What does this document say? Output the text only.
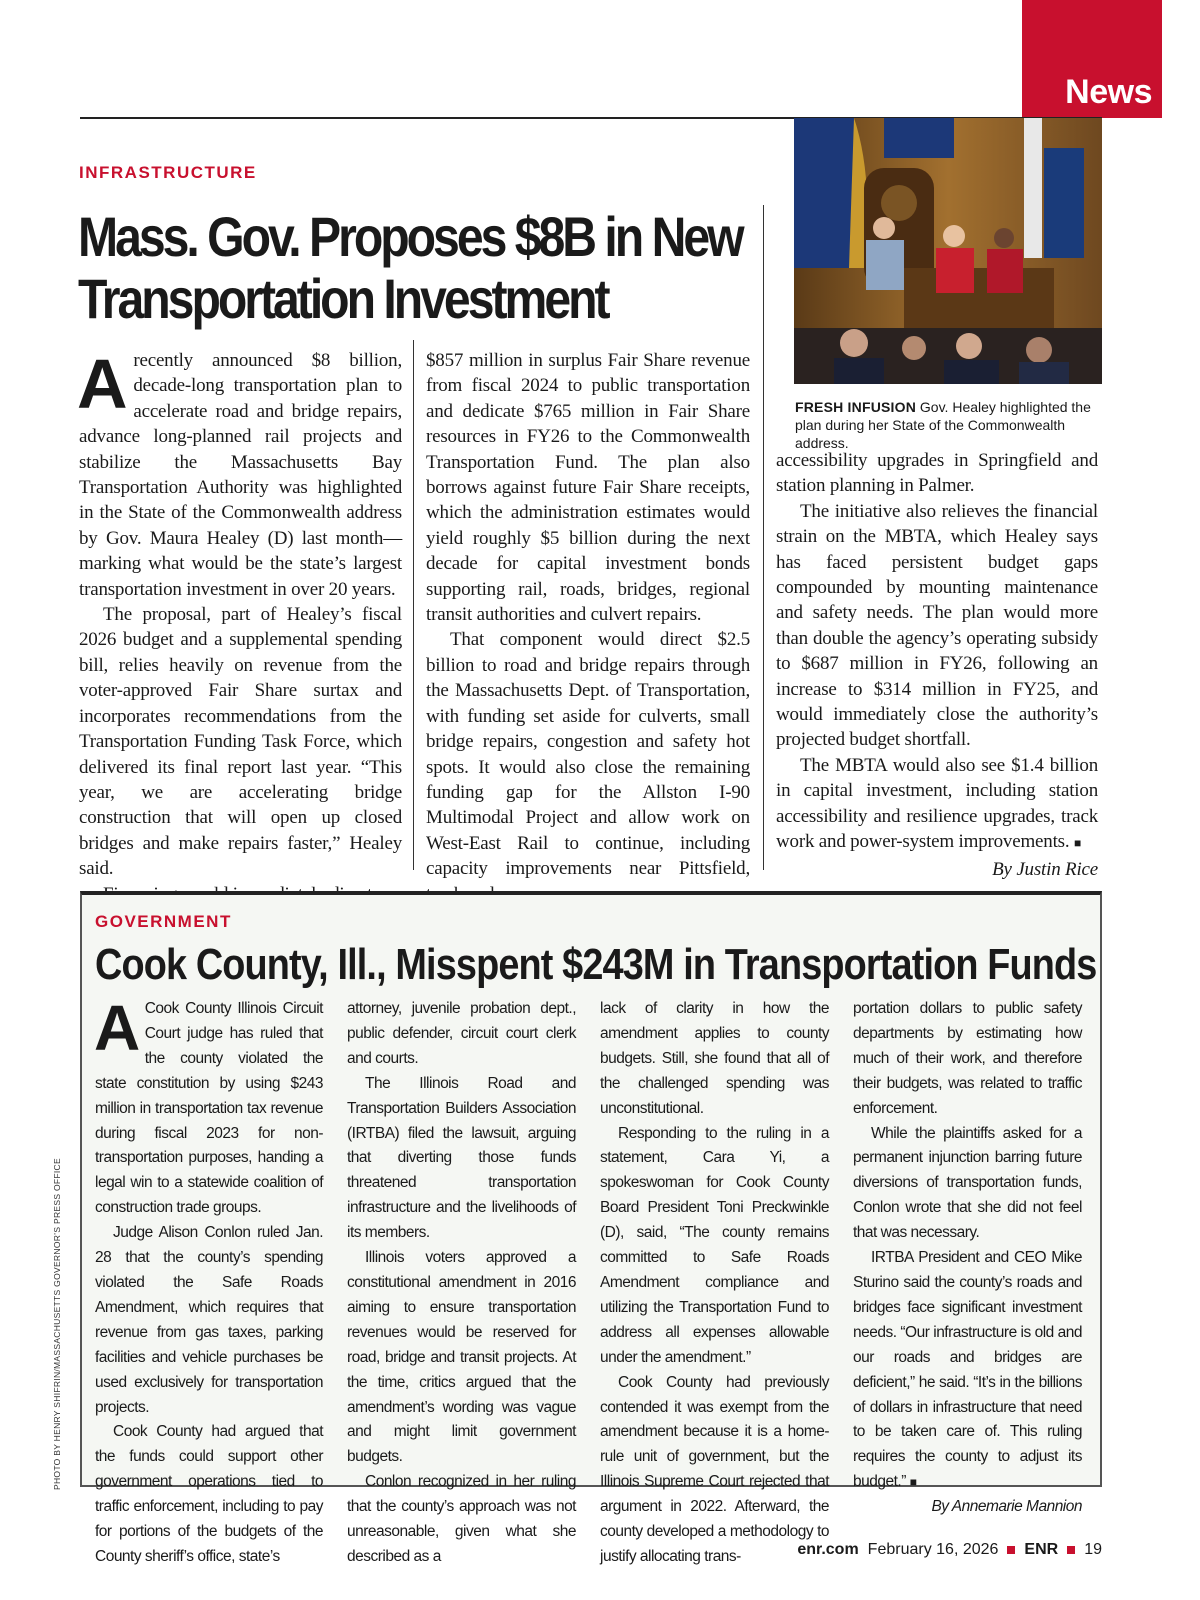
News
INFRASTRUCTURE
Mass. Gov. Proposes $8B in New
Transportation Investment

Arecently announced $8 billion, decade-long transportation plan to accelerate road and bridge repairs, advance long-planned rail projects and stabilize the Massachusetts Bay Transportation Authority was highlighted in the State of the Commonwealth address by Gov. Maura Healey (D) last month—marking what would be the state’s largest transportation investment in over 20 years.

The proposal, part of Healey’s fiscal 2026 budget and a supplemental spending bill, relies heavily on revenue from the voter-approved Fair Share surtax and incorporates recommendations from the Transportation Funding Task Force, which delivered its final report last year. “This year, we are accelerating bridge construction that will open up closed bridges and make repairs faster,” Healey said.

$857 million in surplus Fair Share revenue from fiscal 2024 to public transportation and dedicate $765 million in Fair Share resources in FY26 to the Commonwealth Transportation Fund. The plan also borrows against future Fair Share receipts, which the administration estimates would yield roughly $5 billion during the next decade for capital investment bonds supporting rail, roads, bridges, regional transit authorities and culvert repairs.

That component would direct $2.5 billion to road and bridge repairs through the Massachusetts Dept. of Transportation, with funding set aside for culverts, small bridge repairs, congestion and safety hot spots. It would also close the remaining funding gap for the Allston I-90 Multimodal Project and allow work on West-East Rail to continue, including capacity improvements near Pittsfield,

FRESH INFUSION Gov. Healey highlighted the plan during her State of the Commonwealth address.

accessibility upgrades in Springfield and station planning in Palmer.

The initiative also relieves the financial strain on the MBTA, which Healey says has faced persistent budget gaps compounded by mounting maintenance and safety needs. The plan would more than double the agency’s operating subsidy to $687 million in FY26, following an increase to $314 million in FY25, and would immediately close the authority’s projected budget shortfall.

The MBTA would also see $1.4 billion in capital investment, including station accessibility and resilience upgrades, track work and power-system improvements. ■

By Justin Rice

GOVERNMENT
Cook County, Ill., Misspent $243M in Transportation Funds

A Cook County Illinois Circuit Court judge has ruled that the county violated the state constitution by using $243 million in transportation tax revenue during fiscal 2023 for non-transportation purposes, handing a legal win to a statewide coalition of construction trade groups.

Judge Alison Conlon ruled Jan. 28 that the county’s spending violated the Safe Roads Amendment, which requires that revenue from gas taxes, parking facilities and vehicle purchases be used exclusively for transportation projects.

Cook County had argued that the funds could support other government operations tied to traffic enforcement, including to pay for portions of the budgets of the County sheriff’s office, state’s

attorney, juvenile probation dept., public defender, circuit court clerk and courts.

The Illinois Road and Transportation Builders Association (IRTBA) filed the lawsuit, arguing that diverting those funds threatened transportation infrastructure and the livelihoods of its members.

Illinois voters approved a constitutional amendment in 2016 aiming to ensure transportation revenues would be reserved for road, bridge and transit projects. At the time, critics argued that the amendment’s wording was vague and might limit government budgets.

Conlon recognized in her ruling that the county’s approach was not unreasonable, given what she described as a

lack of clarity in how the amendment applies to county budgets. Still, she found that all of the challenged spending was unconstitutional.

Responding to the ruling in a statement, Cara Yi, a spokeswoman for Cook County Board President Toni Preckwinkle (D), said, “The county remains committed to Safe Roads Amendment compliance and utilizing the Transportation Fund to address all expenses allowable under the amendment.”

Cook County had previously contended it was exempt from the amendment because it is a home-rule unit of government, but the Illinois Supreme Court rejected that argument in 2022. Afterward, the county developed a methodology to justify allocating trans-

portation dollars to public safety departments by estimating how much of their work, and therefore their budgets, was related to traffic enforcement.

While the plaintiffs asked for a permanent injunction barring future diversions of transportation funds, Conlon wrote that she did not feel that was necessary.

IRTBA President and CEO Mike Sturino said the county’s roads and bridges face significant investment needs. “Our infrastructure is old and our roads and bridges are deficient,” he said. “It’s in the billions of dollars in infrastructure that need to be taken care of. This ruling requires the county to adjust its budget.” ■

By Annemarie Mannion

PHOTO BY HENRY SHIFRIN/MASSACHUSETTS GOVERNOR’S PRESS OFFICE
enr.com February 16, 2026 ENR 19
